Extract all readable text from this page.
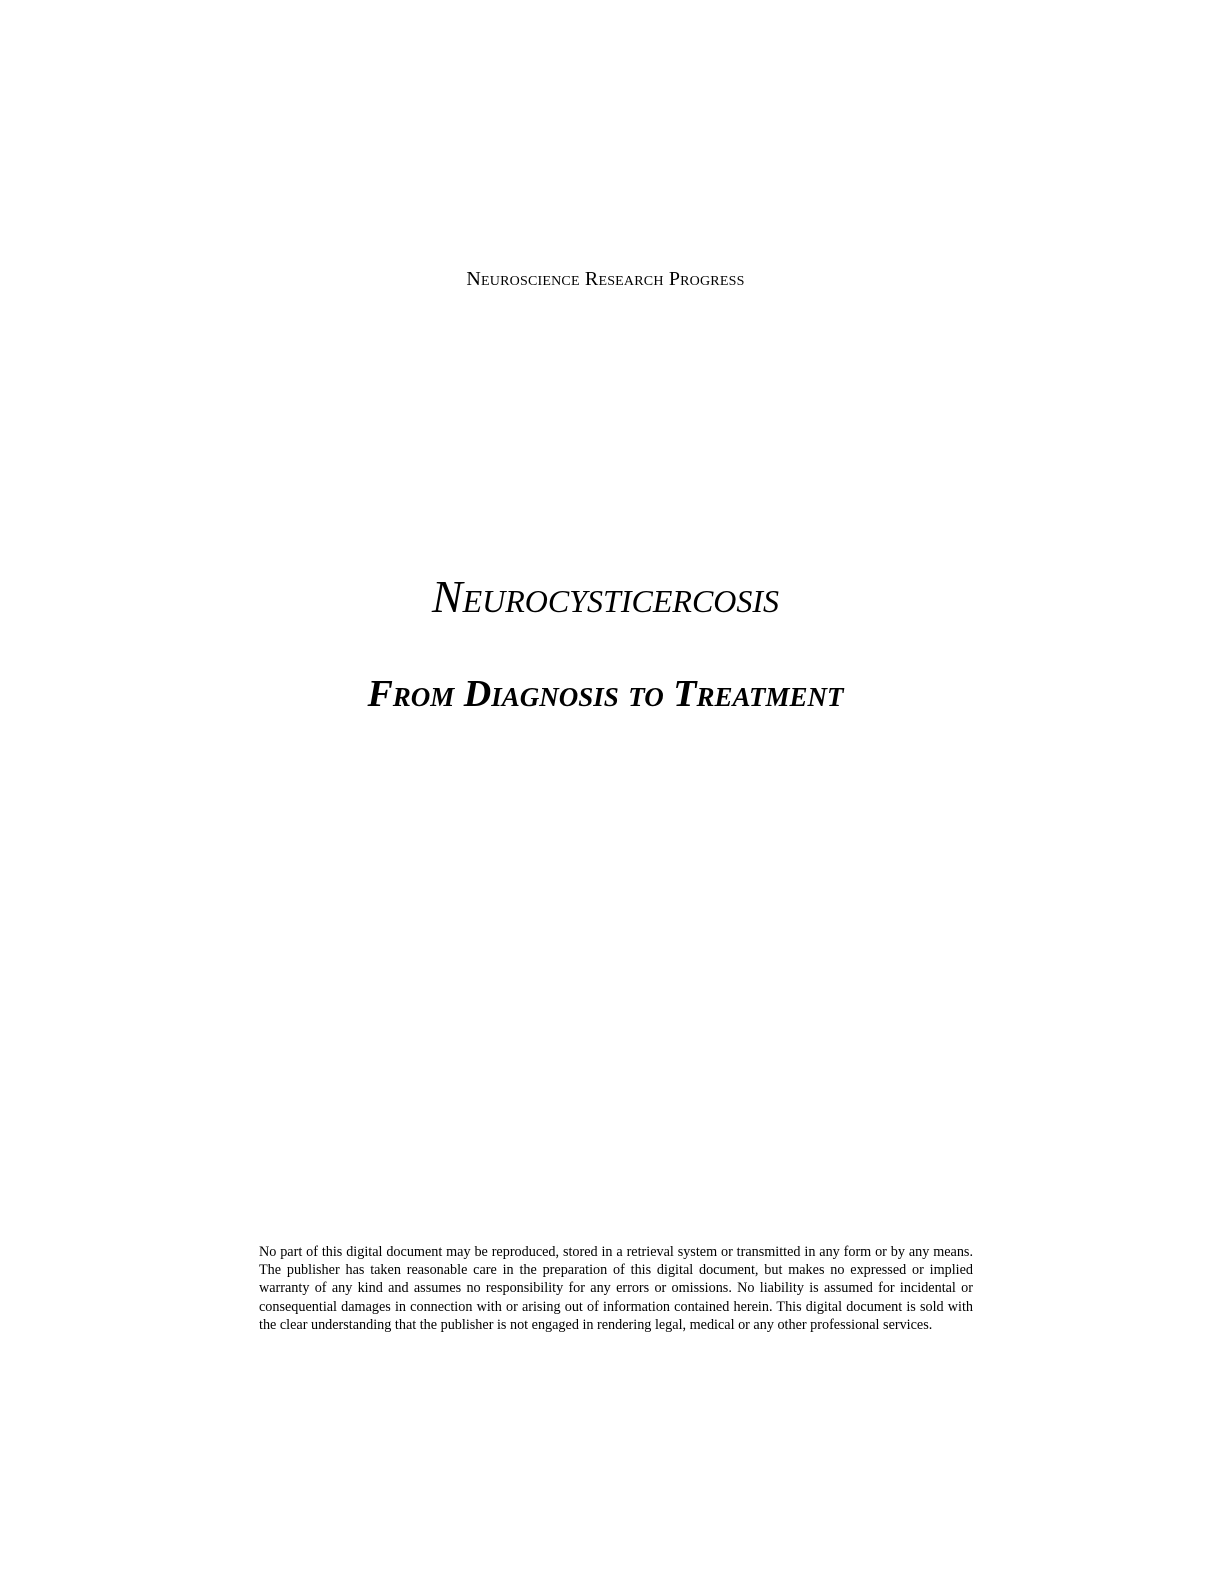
Neuroscience Research Progress
Neurocysticercosis
From Diagnosis to Treatment
No part of this digital document may be reproduced, stored in a retrieval system or transmitted in any form or by any means. The publisher has taken reasonable care in the preparation of this digital document, but makes no expressed or implied warranty of any kind and assumes no responsibility for any errors or omissions. No liability is assumed for incidental or consequential damages in connection with or arising out of information contained herein. This digital document is sold with the clear understanding that the publisher is not engaged in rendering legal, medical or any other professional services.
